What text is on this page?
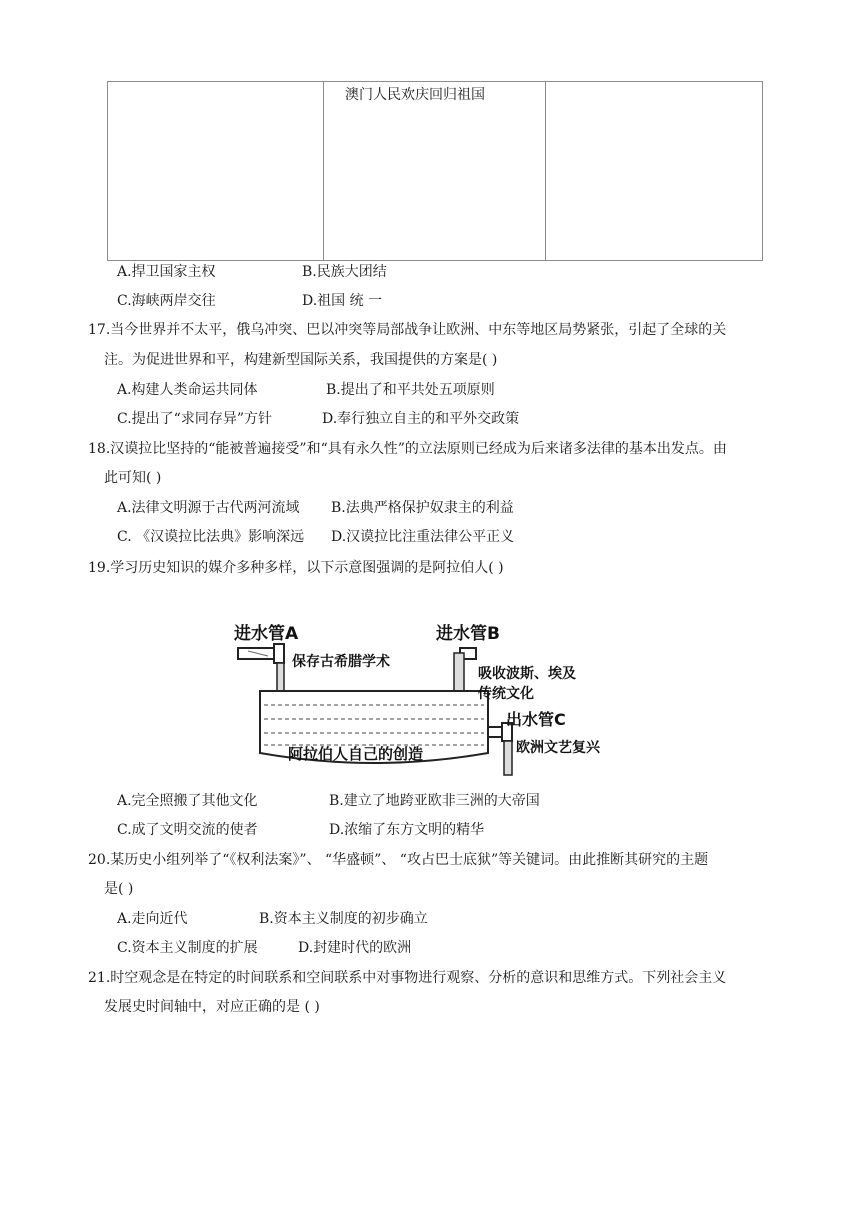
澳门人民欢庆回归祖国
A.捍卫国家主权	B.民族大团结
C.海峡两岸交往	D.祖国 统 一
17.当今世界并不太平，俄乌冲突、巴以冲突等局部战争让欧洲、中东等地区局势紧张，引起了全球的关
注。为促进世界和平，构建新型国际关系，我国提供的方案是( )
A.构建人类命运共同体	B.提出了和平共处五项原则
C.提出了“求同存异”方针	D.奉行独立自主的和平外交政策
18.汉谟拉比坚持的“能被普遍接受”和“具有永久性”的立法原则已经成为后来诸多法律的基本出发点。由
此可知( )
A.法律文明源于古代两河流域 B.法典严格保护奴隶主的利益
C. 《汉谟拉比法典》影响深远 D.汉谟拉比注重法律公平正义
19.学习历史知识的媒介多种多样，以下示意图强调的是阿拉伯人( )
进水管A
保存古希腊学术
进水管B
吸收波斯、埃及
传统文化
出水管C
欧洲文艺复兴
阿拉伯人自己的创造
A.完全照搬了其他文化	B.建立了地跨亚欧非三洲的大帝国
C.成了文明交流的使者	D.浓缩了东方文明的精华
20.某历史小组列举了“《权利法案》”、 “华盛顿”、 “攻占巴士底狱”等关键词。由此推断其研究的主题
是( )
A.走向近代	B.资本主义制度的初步确立
C.资本主义制度的扩展	D.封建时代的欧洲
21.时空观念是在特定的时间联系和空间联系中对事物进行观察、分析的意识和思维方式。下列社会主义
发展史时间轴中，对应正确的是 ( )
